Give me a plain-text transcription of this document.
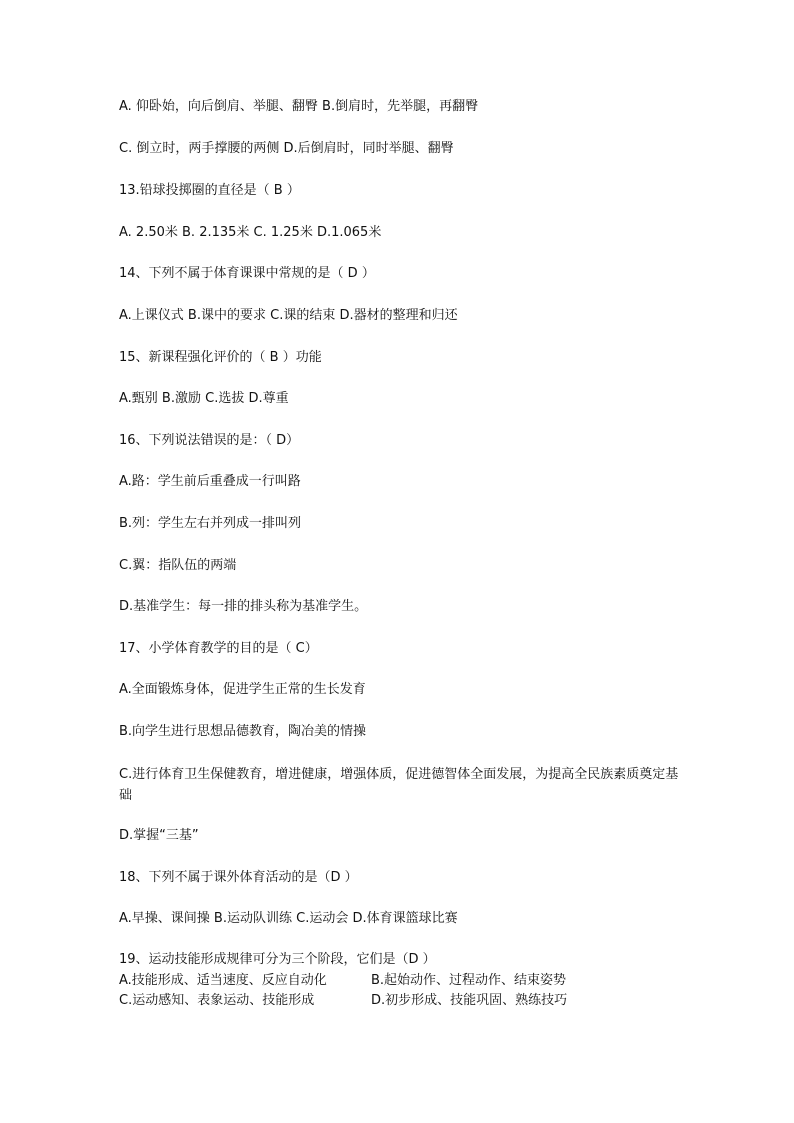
A. 仰卧始，向后倒肩、举腿、翻臀 B.倒肩时，先举腿，再翻臀
C. 倒立时，两手撑腰的两侧 D.后倒肩时，同时举腿、翻臀
13.铅球投掷圈的直径是（ B ）
A. 2.50米 B. 2.135米 C. 1.25米 D.1.065米
14、下列不属于体育课课中常规的是（ D ）
A.上课仪式 B.课中的要求 C.课的结束 D.器材的整理和归还
15、新课程强化评价的（ B ）功能
A.甄别 B.激励 C.选拔 D.尊重
16、下列说法错误的是：（ D）
A.路：学生前后重叠成一行叫路
B.列：学生左右并列成一排叫列
C.翼：指队伍的两端
D.基准学生：每一排的排头称为基准学生。
17、小学体育教学的目的是（ C）
A.全面锻炼身体，促进学生正常的生长发育
B.向学生进行思想品德教育，陶冶美的情操
C.进行体育卫生保健教育，增进健康，增强体质，促进德智体全面发展，为提高全民族素质奠定基础
D.掌握“三基”
18、下列不属于课外体育活动的是（D ）
A.早操、课间操 B.运动队训练 C.运动会 D.体育课篮球比赛
19、运动技能形成规律可分为三个阶段，它们是（D ）
A.技能形成、适当速度、反应自动化	B.起始动作、过程动作、结束姿势
C.运动感知、表象运动、技能形成	D.初步形成、技能巩固、熟练技巧
